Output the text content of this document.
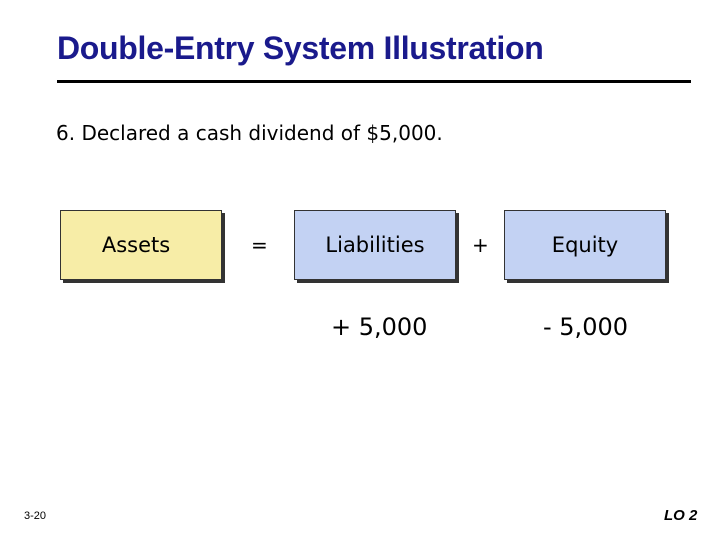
Double-Entry System Illustration
6. Declared a cash dividend of $5,000.
Assets	=	Liabilities +	Equity
+ 5,000	- 5,000
3-20	LO 2
